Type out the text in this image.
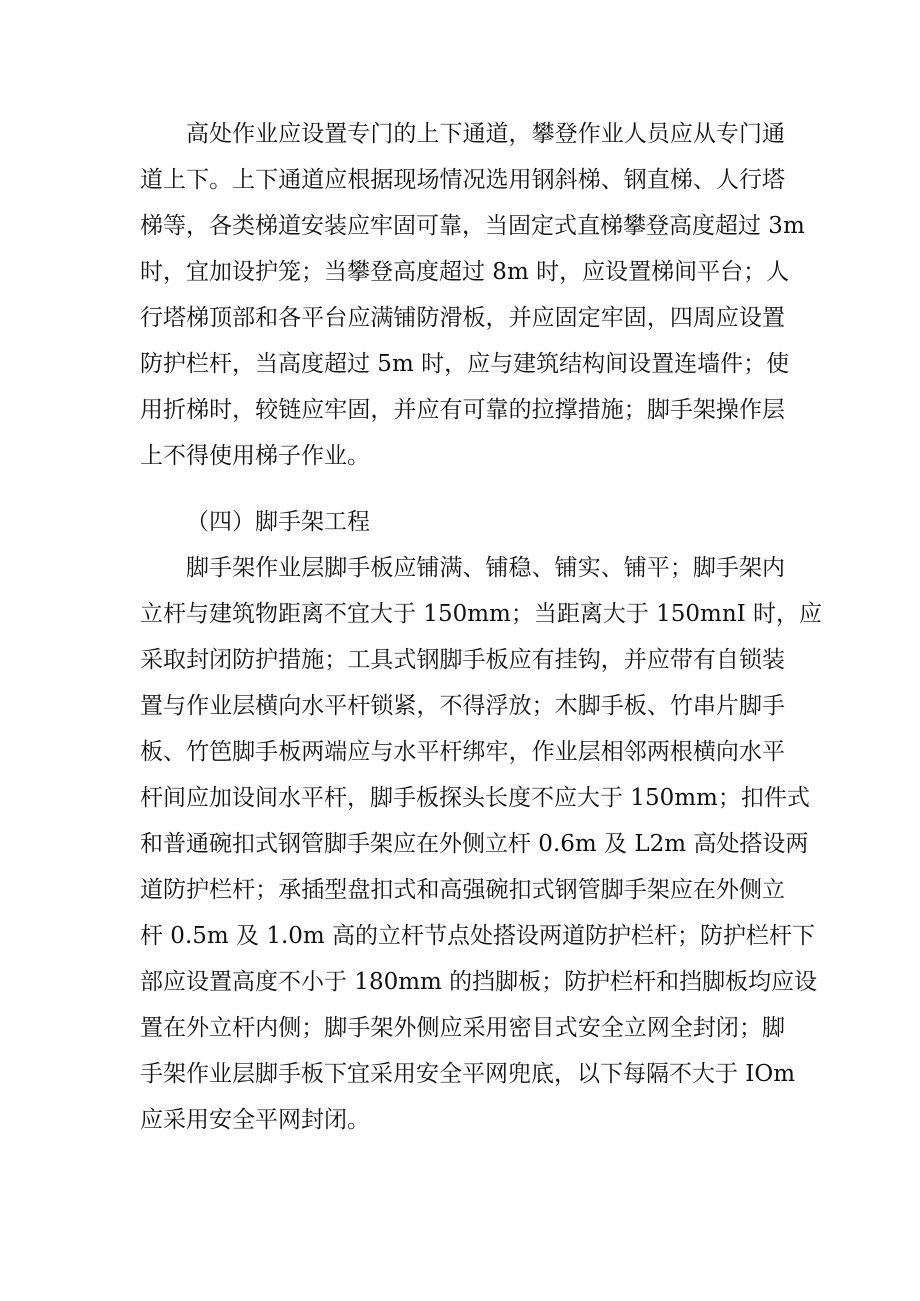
高处作业应设置专门的上下通道，攀登作业人员应从专门通
道上下。上下通道应根据现场情况选用钢斜梯、钢直梯、人行塔
梯等，各类梯道安装应牢固可靠，当固定式直梯攀登高度超过 3m
时，宜加设护笼；当攀登高度超过 8m 时，应设置梯间平台；人
行塔梯顶部和各平台应满铺防滑板，并应固定牢固，四周应设置
防护栏杆，当高度超过 5m 时，应与建筑结构间设置连墙件；使
用折梯时，较链应牢固，并应有可靠的拉撑措施；脚手架操作层
上不得使用梯子作业。
（四）脚手架工程
脚手架作业层脚手板应铺满、铺稳、铺实、铺平；脚手架内
立杆与建筑物距离不宜大于 150mm；当距离大于 150mnI 时，应
采取封闭防护措施；工具式钢脚手板应有挂钩，并应带有自锁装
置与作业层横向水平杆锁紧，不得浮放；木脚手板、竹串片脚手
板、竹笆脚手板两端应与水平杆绑牢，作业层相邻两根横向水平
杆间应加设间水平杆，脚手板探头长度不应大于 150mm；扣件式
和普通碗扣式钢管脚手架应在外侧立杆 0.6m 及 L2m 高处搭设两
道防护栏杆；承插型盘扣式和高强碗扣式钢管脚手架应在外侧立
杆 0.5m 及 1.0m 高的立杆节点处搭设两道防护栏杆；防护栏杆下
部应设置高度不小于 180mm 的挡脚板；防护栏杆和挡脚板均应设
置在外立杆内侧；脚手架外侧应采用密目式安全立网全封闭；脚
手架作业层脚手板下宜采用安全平网兜底，以下每隔不大于 IOm
应采用安全平网封闭。
